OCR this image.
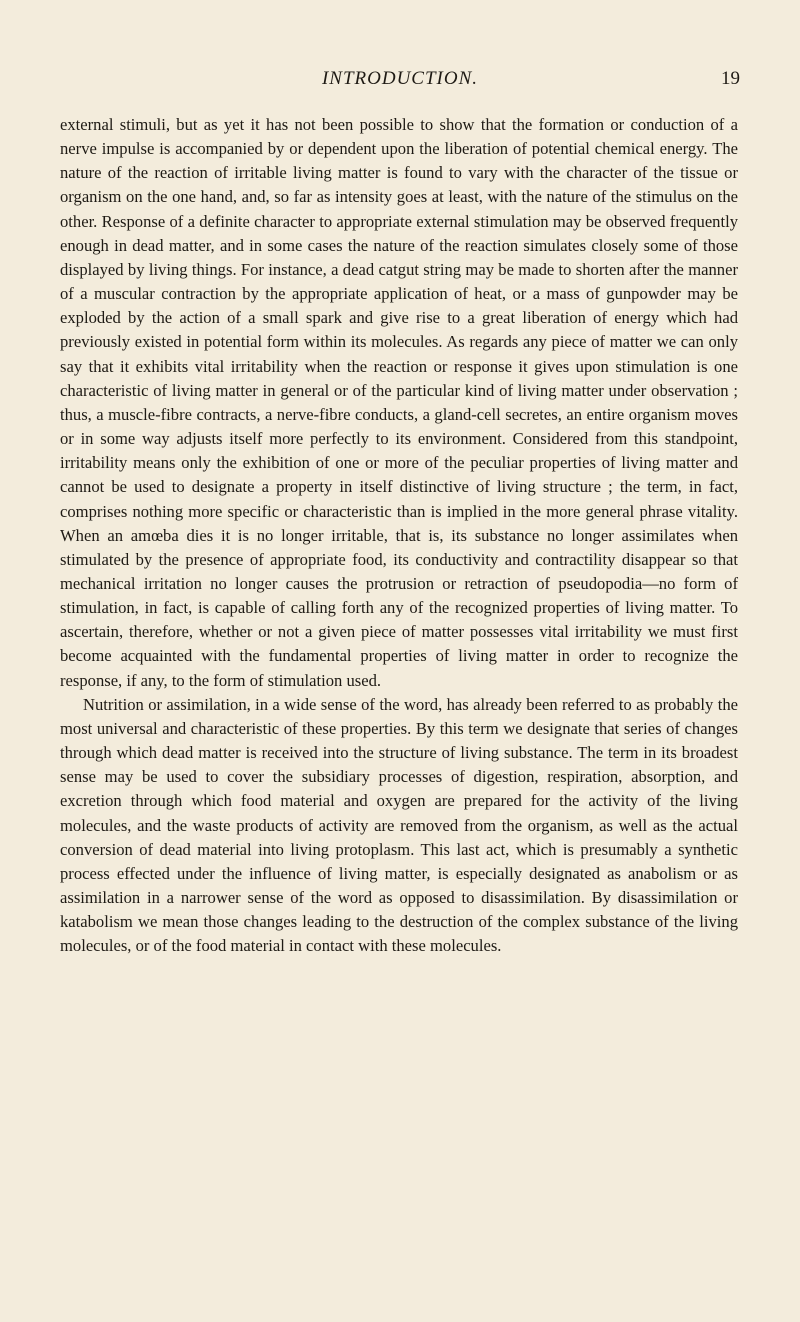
INTRODUCTION.	19

external stimuli, but as yet it has not been possible to show that the formation or conduction of a nerve impulse is accompanied by or dependent upon the liberation of potential chemical energy. The nature of the reaction of irritable living matter is found to vary with the character of the tissue or organism on the one hand, and, so far as intensity goes at least, with the nature of the stimulus on the other. Response of a definite character to appropriate external stimulation may be observed frequently enough in dead matter, and in some cases the nature of the reaction simulates closely some of those displayed by living things. For instance, a dead catgut string may be made to shorten after the manner of a muscular contraction by the appropriate application of heat, or a mass of gunpowder may be exploded by the action of a small spark and give rise to a great liberation of energy which had previously existed in potential form within its molecules. As regards any piece of matter we can only say that it exhibits vital irritability when the reaction or response it gives upon stimulation is one characteristic of living matter in general or of the particular kind of living matter under observation ; thus, a muscle-fibre contracts, a nerve-fibre conducts, a gland-cell secretes, an entire organism moves or in some way adjusts itself more perfectly to its environment. Considered from this standpoint, irritability means only the exhibition of one or more of the peculiar properties of living matter and cannot be used to designate a property in itself distinctive of living structure ; the term, in fact, comprises nothing more specific or characteristic than is implied in the more general phrase vitality. When an amœba dies it is no longer irritable, that is, its substance no longer assimilates when stimulated by the presence of appropriate food, its conductivity and contractility disappear so that mechanical irritation no longer causes the protrusion or retraction of pseudopodia—no form of stimulation, in fact, is capable of calling forth any of the recognized properties of living matter. To ascertain, therefore, whether or not a given piece of matter possesses vital irritability we must first become acquainted with the fundamental properties of living matter in order to recognize the response, if any, to the form of stimulation used.

Nutrition or assimilation, in a wide sense of the word, has already been referred to as probably the most universal and characteristic of these properties. By this term we designate that series of changes through which dead matter is received into the structure of living substance. The term in its broadest sense may be used to cover the subsidiary processes of digestion, respiration, absorption, and excretion through which food material and oxygen are prepared for the activity of the living molecules, and the waste products of activity are removed from the organism, as well as the actual conversion of dead material into living protoplasm. This last act, which is presumably a synthetic process effected under the influence of living matter, is especially designated as anabolism or as assimilation in a narrower sense of the word as opposed to disassimilation. By disassimilation or katabolism we mean those changes leading to the destruction of the complex substance of the living molecules, or of the food material in contact with these molecules.
